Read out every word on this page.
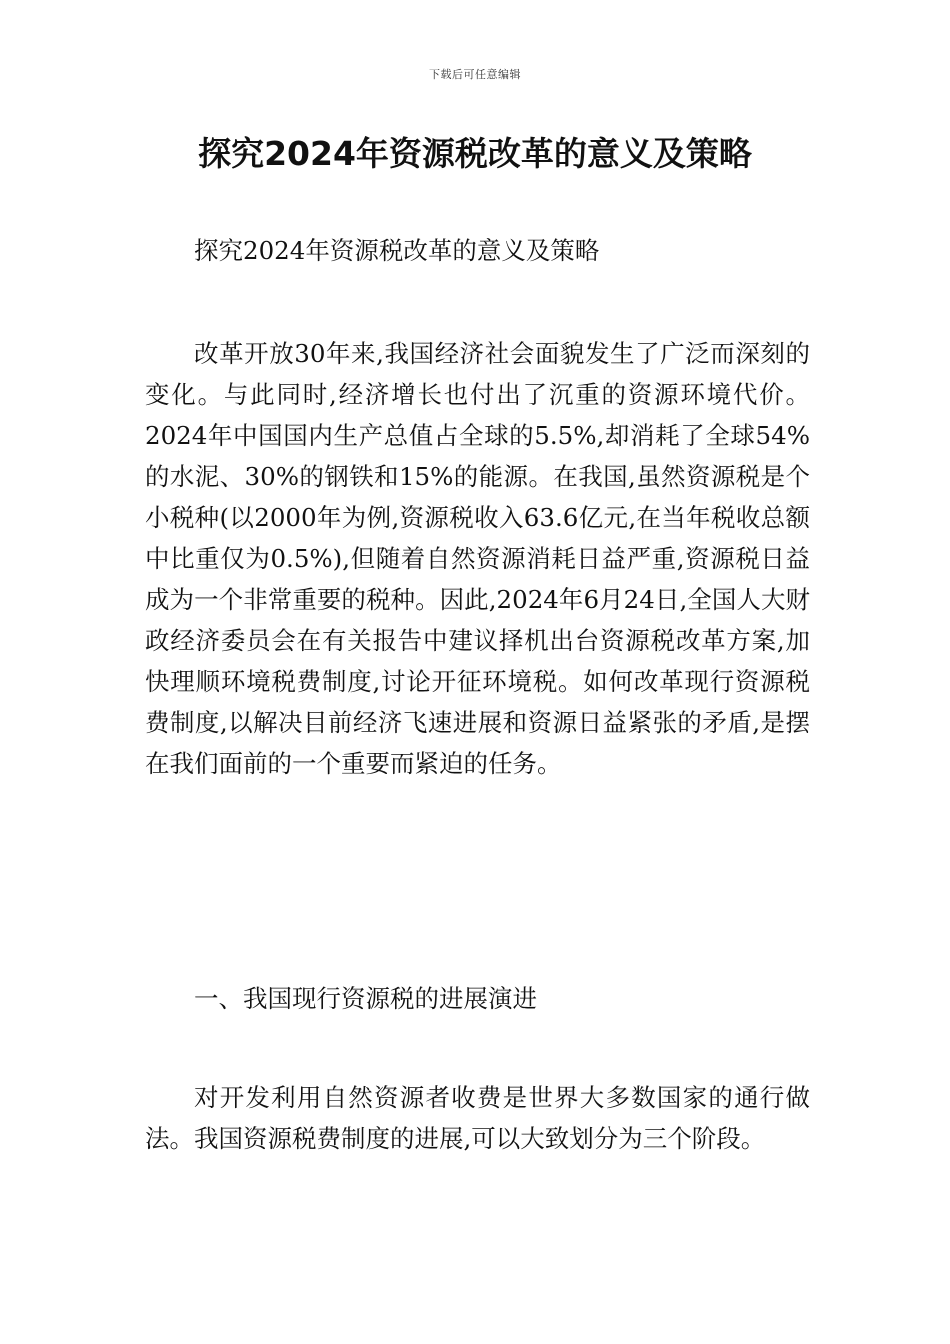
下载后可任意编辑
探究2024年资源税改革的意义及策略

探究2024年资源税改革的意义及策略

改革开放30年来,我国经济社会面貌发生了广泛而深刻的变化。与此同时,经济增长也付出了沉重的资源环境代价。2024年中国国内生产总值占全球的5.5%,却消耗了全球54%的水泥、30%的钢铁和15%的能源。在我国,虽然资源税是个小税种(以2000年为例,资源税收入63.6亿元,在当年税收总额中比重仅为0.5%),但随着自然资源消耗日益严重,资源税日益成为一个非常重要的税种。因此,2024年6月24日,全国人大财政经济委员会在有关报告中建议择机出台资源税改革方案,加快理顺环境税费制度,讨论开征环境税。如何改革现行资源税费制度,以解决目前经济飞速进展和资源日益紧张的矛盾,是摆在我们面前的一个重要而紧迫的任务。

一、我国现行资源税的进展演进

对开发利用自然资源者收费是世界大多数国家的通行做法。我国资源税费制度的进展,可以大致划分为三个阶段。
